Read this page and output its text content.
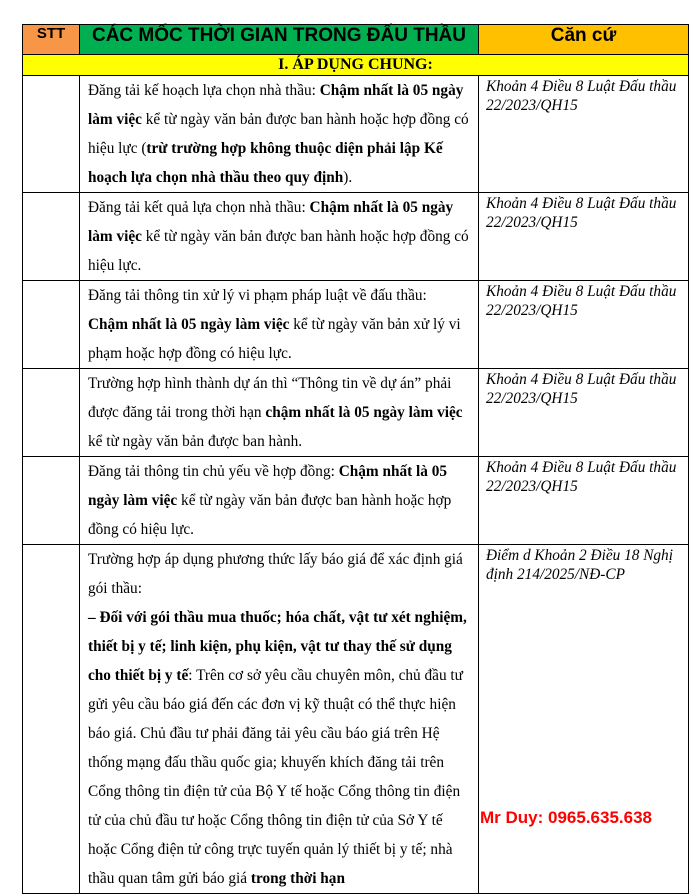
STT	CÁC MỐC THỜI GIAN TRONG ĐẤU THẦU	Căn cứ
I. ÁP DỤNG CHUNG:		
	Đăng tải kế hoạch lựa chọn nhà thầu: Chậm nhất là 05 ngày làm việc kể từ ngày văn bản được ban hành hoặc hợp đồng có hiệu lực (trừ trường hợp không thuộc diện phải lập Kế hoạch lựa chọn nhà thầu theo quy định).	Khoản 4 Điều 8 Luật Đấu thầu 22/2023/QH15
	Đăng tải kết quả lựa chọn nhà thầu: Chậm nhất là 05 ngày làm việc kể từ ngày văn bản được ban hành hoặc hợp đồng có hiệu lực.	Khoản 4 Điều 8 Luật Đấu thầu 22/2023/QH15
	Đăng tải thông tin xử lý vi phạm pháp luật về đấu thầu: Chậm nhất là 05 ngày làm việc kể từ ngày văn bản xử lý vi phạm hoặc hợp đồng có hiệu lực.	Khoản 4 Điều 8 Luật Đấu thầu 22/2023/QH15
	Trường hợp hình thành dự án thì “Thông tin về dự án” phải được đăng tải trong thời hạn chậm nhất là 05 ngày làm việc kể từ ngày văn bản được ban hành.	Khoản 4 Điều 8 Luật Đấu thầu 22/2023/QH15
	Đăng tải thông tin chủ yếu về hợp đồng: Chậm nhất là 05 ngày làm việc kể từ ngày văn bản được ban hành hoặc hợp đồng có hiệu lực.	Khoản 4 Điều 8 Luật Đấu thầu 22/2023/QH15
	Trường hợp áp dụng phương thức lấy báo giá để xác định giá gói thầu:
– Đối với gói thầu mua thuốc; hóa chất, vật tư xét nghiệm, thiết bị y tế; linh kiện, phụ kiện, vật tư thay thế sử dụng cho thiết bị y tế: Trên cơ sở yêu cầu chuyên môn, chủ đầu tư gửi yêu cầu báo giá đến các đơn vị kỹ thuật có thể thực hiện báo giá. Chủ đầu tư phải đăng tải yêu cầu báo giá trên Hệ thống mạng đấu thầu quốc gia; khuyến khích đăng tải trên Cổng thông tin điện tử của Bộ Y tế hoặc Cổng thông tin điện tử của chủ đầu tư hoặc Cổng thông tin điện tử của Sở Y tế hoặc Cổng điện tử công trực tuyến quản lý thiết bị y tế; nhà thầu quan tâm gửi báo giá trong thời hạn	Điểm d Khoản 2 Điều 18 Nghị định 214/2025/NĐ-CP
Mr Duy: 0965.635.638
